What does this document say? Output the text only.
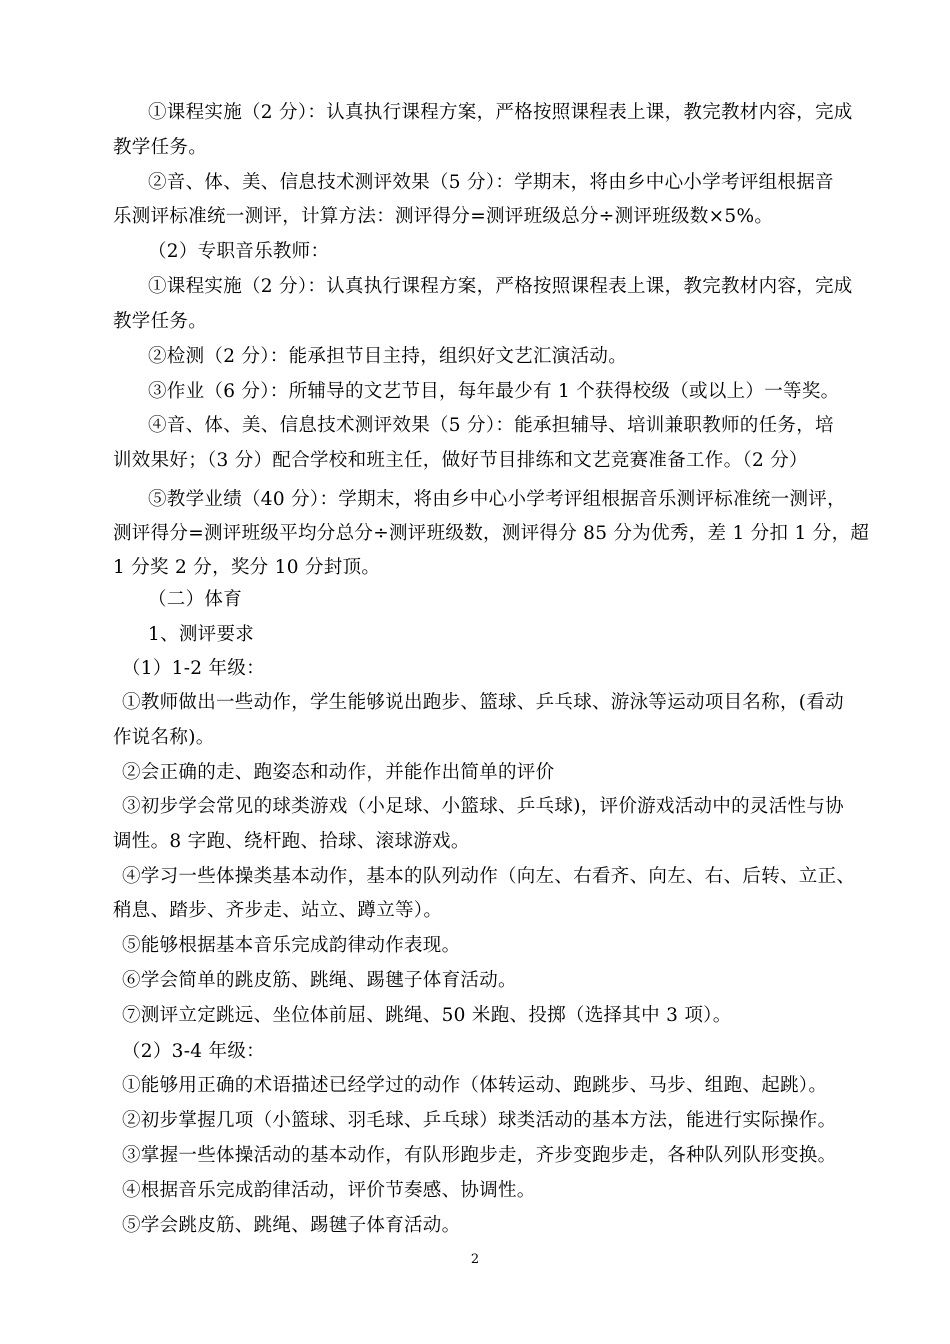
①课程实施（2 分）：认真执行课程方案，严格按照课程表上课，教完教材内容，完成
教学任务。
②音、体、美、信息技术测评效果（5 分）：学期末，将由乡中心小学考评组根据音
乐测评标准统一测评，计算方法：测评得分=测评班级总分÷测评班级数×5%。
（2）专职音乐教师：
①课程实施（2 分）：认真执行课程方案，严格按照课程表上课，教完教材内容，完成
教学任务。
②检测（2 分）：能承担节目主持，组织好文艺汇演活动。
③作业（6 分）：所辅导的文艺节目，每年最少有 1 个获得校级（或以上）一等奖。
④音、体、美、信息技术测评效果（5 分）：能承担辅导、培训兼职教师的任务，培
训效果好；（3 分）配合学校和班主任，做好节目排练和文艺竞赛准备工作。（2 分）
⑤教学业绩（40 分）：学期末，将由乡中心小学考评组根据音乐测评标准统一测评，
测评得分=测评班级平均分总分÷测评班级数，测评得分 85 分为优秀，差 1 分扣 1 分，超
1 分奖 2 分，奖分 10 分封顶。
（二）体育
1、测评要求
（1）1-2 年级：
①教师做出一些动作，学生能够说出跑步、篮球、乒乓球、游泳等运动项目名称，(看动
作说名称)。
②会正确的走、跑姿态和动作，并能作出简单的评价
③初步学会常见的球类游戏（小足球、小篮球、乒乓球)，评价游戏活动中的灵活性与协
调性。8 字跑、绕杆跑、拾球、滚球游戏。
④学习一些体操类基本动作，基本的队列动作（向左、右看齐、向左、右、后转、立正、
稍息、踏步、齐步走、站立、蹲立等）。
⑤能够根据基本音乐完成韵律动作表现。
⑥学会简单的跳皮筋、跳绳、踢毽子体育活动。
⑦测评立定跳远、坐位体前屈、跳绳、50 米跑、投掷（选择其中 3 项）。
（2）3-4 年级：
①能够用正确的术语描述已经学过的动作（体转运动、跑跳步、马步、组跑、起跳）。
②初步掌握几项（小篮球、羽毛球、乒乓球）球类活动的基本方法，能进行实际操作。
③掌握一些体操活动的基本动作，有队形跑步走，齐步变跑步走，各种队列队形变换。
④根据音乐完成韵律活动，评价节奏感、协调性。
⑤学会跳皮筋、跳绳、踢毽子体育活动。
2
